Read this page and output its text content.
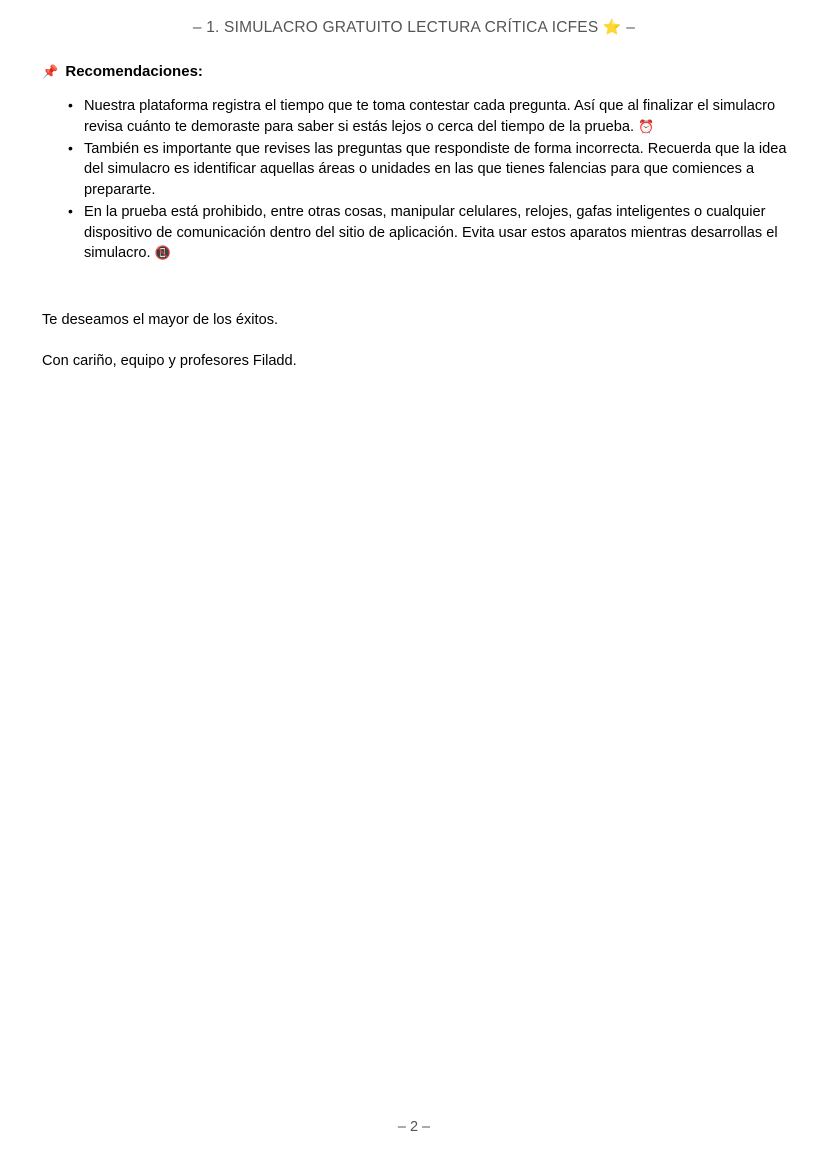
– 1. SIMULACRO GRATUITO LECTURA CRÍTICA ICFES ⭐ –

📌 Recomendaciones:

• Nuestra plataforma registra el tiempo que te toma contestar cada pregunta. Así que al finalizar el simulacro revisa cuánto te demoraste para saber si estás lejos o cerca del tiempo de la prueba. ⏰
• También es importante que revises las preguntas que respondiste de forma incorrecta. Recuerda que la idea del simulacro es identificar aquellas áreas o unidades en las que tienes falencias para que comiences a prepararte.
• En la prueba está prohibido, entre otras cosas, manipular celulares, relojes, gafas inteligentes o cualquier dispositivo de comunicación dentro del sitio de aplicación. Evita usar estos aparatos mientras desarrollas el simulacro. 📵

Te deseamos el mayor de los éxitos.

Con cariño, equipo y profesores Filadd.

– 2 –
